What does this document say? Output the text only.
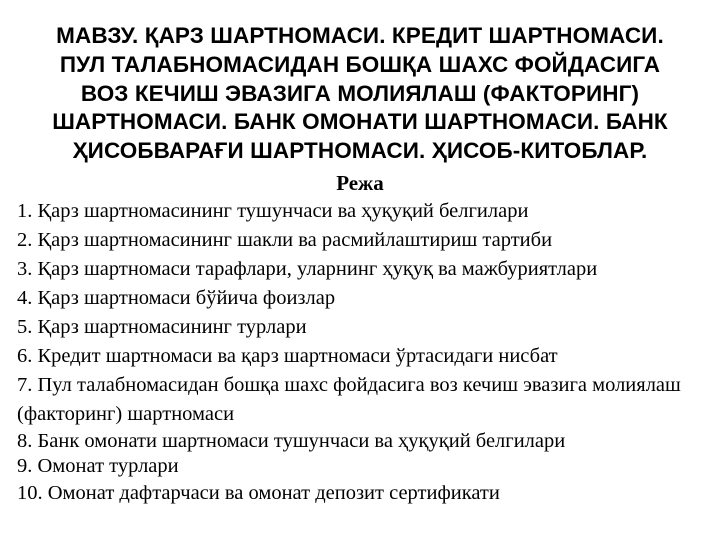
МАВЗУ. ҚАРЗ ШАРТНОМАСИ. КРЕДИТ ШАРТНОМАСИ.
ПУЛ ТАЛАБНОМАСИДАН БОШҚА ШАХС ФОЙДАСИГА
ВОЗ КЕЧИШ ЭВАЗИГА МОЛИЯЛАШ (ФАКТОРИНГ)
ШАРТНОМАСИ. БАНК ОМОНАТИ ШАРТНОМАСИ. БАНК
ҲИСОБВАРАҒИ ШАРТНОМАСИ. ҲИСОБ-КИТОБЛАР.
Режа
1. Қарз шартномасининг тушунчаси ва ҳуқуқий белгилари
2. Қарз шартномасининг шакли ва расмийлаштириш тартиби
3. Қарз шартномаси тарафлари, уларнинг ҳуқуқ ва мажбуриятлари
4. Қарз шартномаси бўйича фоизлар
5. Қарз шартномасининг турлари
6. Кредит шартномаси ва қарз шартномаси ўртасидаги нисбат
7. Пул талабномасидан бошқа шахс фойдасига воз кечиш эвазига молиялаш (факторинг) шартномаси
8. Банк омонати шартномаси тушунчаси ва ҳуқуқий белгилари
9. Омонат турлари
10. Омонат дафтарчаси ва омонат депозит сертификати
